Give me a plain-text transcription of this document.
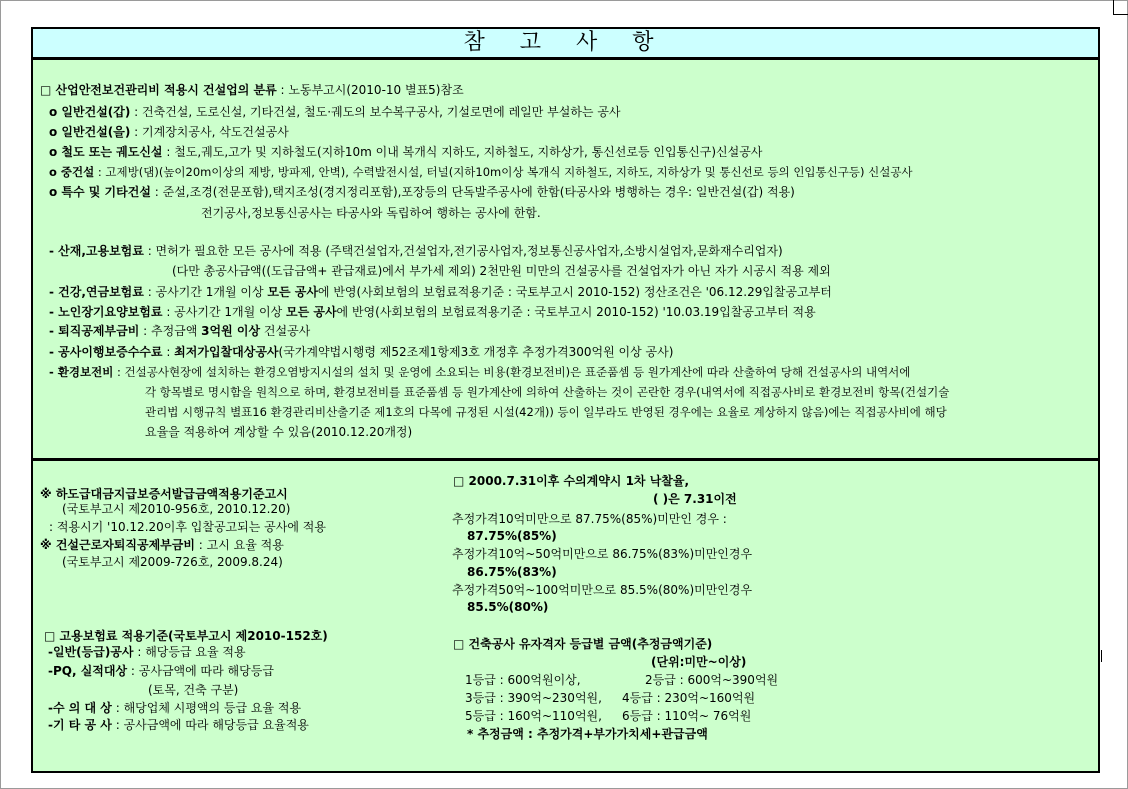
참 고 사 항
□ 산업안전보건관리비 적용시 건설업의 분류 : 노동부고시(2010-10 별표5)참조
o 일반건설(갑) : 건축건설, 도로신설, 기타건설, 철도·궤도의 보수복구공사, 기설로면에 레일만 부설하는 공사
o 일반건설(을) : 기계장치공사, 삭도건설공사
o 철도 또는 궤도신설 : 철도,궤도,고가 및 지하철도(지하10m 이내 복개식 지하도, 지하철도, 지하상가, 통신선로등 인입통신구)신설공사
o 중건설 : 고제방(댐)(높이20m이상의 제방, 방파제, 안벽), 수력발전시설, 터널(지하10m이상 복개식 지하철도, 지하도, 지하상가 및 통신선로 등의 인입통신구등) 신설공사
o 특수 및 기타건설 : 준설,조경(전문포함),택지조성(경지정리포함),포장등의 단독발주공사에 한함(타공사와 병행하는 경우: 일반건설(갑) 적용)
전기공사,정보통신공사는 타공사와 독립하여 행하는 공사에 한함.
- 산재,고용보험료 : 면허가 필요한 모든 공사에 적용 (주택건설업자,건설업자,전기공사업자,정보통신공사업자,소방시설업자,문화재수리업자)
(다만 총공사금액((도급금액+ 관급재료)에서 부가세 제외) 2천만원 미만의 건설공사를 건설업자가 아닌 자가 시공시 적용 제외
- 건강,연금보험료 : 공사기간 1개월 이상 모든 공사에 반영(사회보험의 보험료적용기준 : 국토부고시 2010-152) 정산조건은 '06.12.29입찰공고부터
- 노인장기요양보험료 : 공사기간 1개월 이상 모든 공사에 반영(사회보험의 보험료적용기준 : 국토부고시 2010-152) '10.03.19입찰공고부터 적용
- 퇴직공제부금비 : 추정금액 3억원 이상 건설공사
- 공사이행보증수수료 : 최저가입찰대상공사(국가계약법시행령 제52조제1항제3호 개정후 추정가격300억원 이상 공사)
- 환경보전비 : 건설공사현장에 설치하는 환경오염방지시설의 설치 및 운영에 소요되는 비용(환경보전비)은 표준품셈 등 원가계산에 따라 산출하여 당해 건설공사의 내역서에
각 항목별로 명시함을 원칙으로 하며, 환경보전비를 표준품셈 등 원가계산에 의하여 산출하는 것이 곤란한 경우(내역서에 직접공사비로 환경보전비 항목(건설기술
관리법 시행규칙 별표16 환경관리비산출기준 제1호의 다목에 규정된 시설(42개)) 등이 일부라도 반영된 경우에는 요율로 계상하지 않음)에는 직접공사비에 해당
요율을 적용하여 계상할 수 있음(2010.12.20개정)
※ 하도급대금지급보증서발급금액적용기준고시
(국토부고시 제2010-956호, 2010.12.20)
: 적용시기 '10.12.20이후 입찰공고되는 공사에 적용
※ 건설근로자퇴직공제부금비 : 고시 요율 적용
(국토부고시 제2009-726호, 2009.8.24)
□ 고용보험료 적용기준(국토부고시 제2010-152호)
-일반(등급)공사 : 해당등급 요율 적용
-PQ, 실적대상 : 공사금액에 따라 해당등급
(토목, 건축 구분)
-수 의 대 상 : 해당업체 시평액의 등급 요율 적용
-기 타 공 사 : 공사금액에 따라 해당등급 요율적용
□ 2000.7.31이후 수의계약시 1차 낙찰율,
( )은 7.31이전
추정가격10억미만으로 87.75%(85%)미만인 경우 :
87.75%(85%)
추정가격10억~50억미만으로 86.75%(83%)미만인경우
86.75%(83%)
추정가격50억~100억미만으로 85.5%(80%)미만인경우
85.5%(80%)
□ 건축공사 유자격자 등급별 금액(추정금액기준)
(단위:미만~이상)
1등급 : 600억원이상,	2등급 : 600억~390억원
3등급 : 390억~230억원, 4등급 : 230억~160억원
5등급 : 160억~110억원, 6등급 : 110억~ 76억원
* 추정금액 : 추정가격+부가가치세+관급금액
